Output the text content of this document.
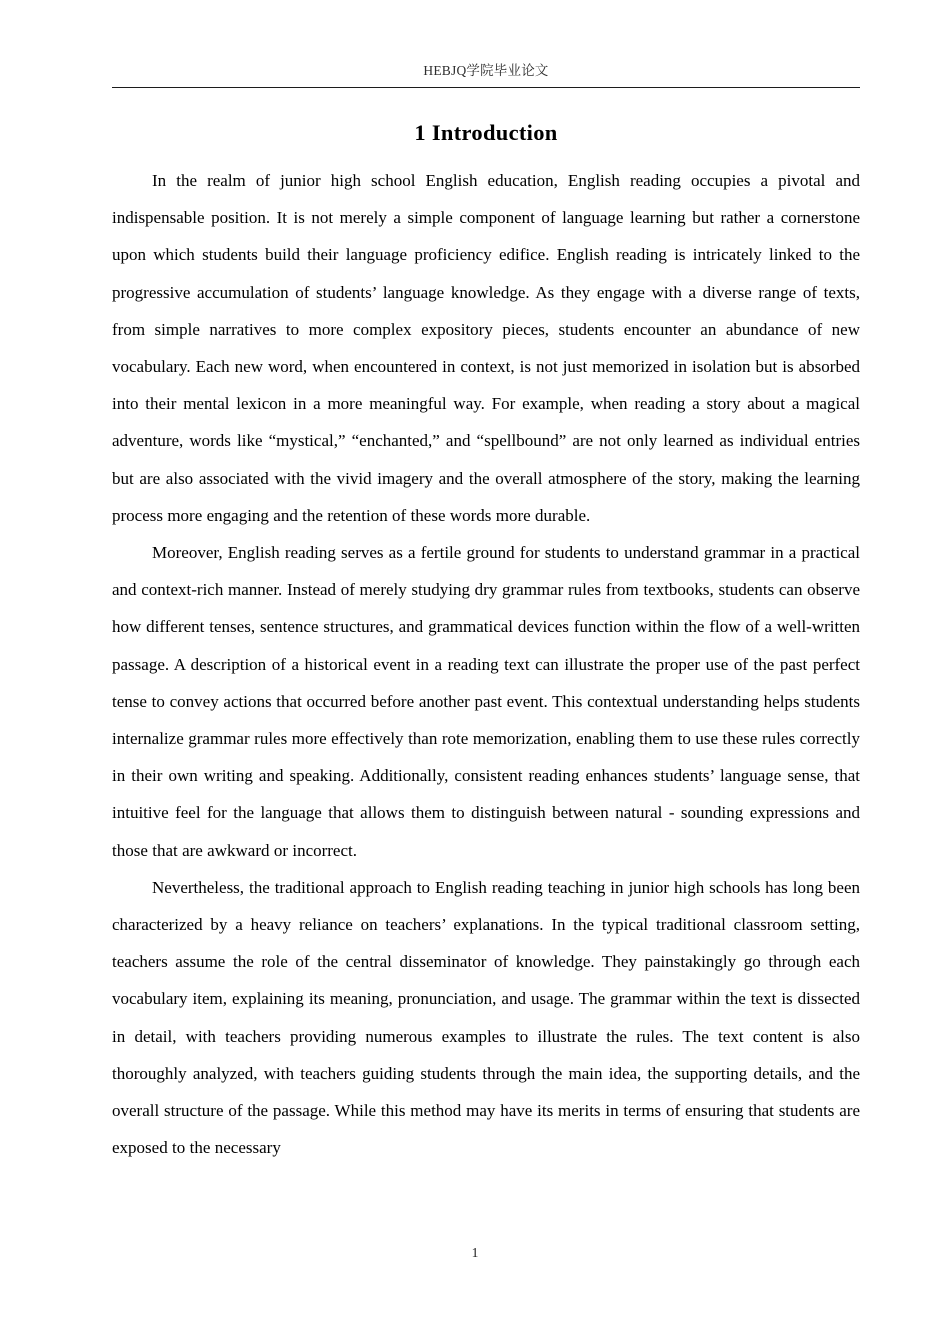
HEBJQ学院毕业论文
1 Introduction

In the realm of junior high school English education, English reading occupies a pivotal and indispensable position. It is not merely a simple component of language learning but rather a cornerstone upon which students build their language proficiency edifice. English reading is intricately linked to the progressive accumulation of students’ language knowledge. As they engage with a diverse range of texts, from simple narratives to more complex expository pieces, students encounter an abundance of new vocabulary. Each new word, when encountered in context, is not just memorized in isolation but is absorbed into their mental lexicon in a more meaningful way. For example, when reading a story about a magical adventure, words like “mystical,” “enchanted,” and “spellbound” are not only learned as individual entries but are also associated with the vivid imagery and the overall atmosphere of the story, making the learning process more engaging and the retention of these words more durable.

Moreover, English reading serves as a fertile ground for students to understand grammar in a practical and context-rich manner. Instead of merely studying dry grammar rules from textbooks, students can observe how different tenses, sentence structures, and grammatical devices function within the flow of a well-written passage. A description of a historical event in a reading text can illustrate the proper use of the past perfect tense to convey actions that occurred before another past event. This contextual understanding helps students internalize grammar rules more effectively than rote memorization, enabling them to use these rules correctly in their own writing and speaking. Additionally, consistent reading enhances students’ language sense, that intuitive feel for the language that allows them to distinguish between natural - sounding expressions and those that are awkward or incorrect.

Nevertheless, the traditional approach to English reading teaching in junior high schools has long been characterized by a heavy reliance on teachers’ explanations. In the typical traditional classroom setting, teachers assume the role of the central disseminator of knowledge. They painstakingly go through each vocabulary item, explaining its meaning, pronunciation, and usage. The grammar within the text is dissected in detail, with teachers providing numerous examples to illustrate the rules. The text content is also thoroughly analyzed, with teachers guiding students through the main idea, the supporting details, and the overall structure of the passage. While this method may have its merits in terms of ensuring that students are exposed to the necessary

1
